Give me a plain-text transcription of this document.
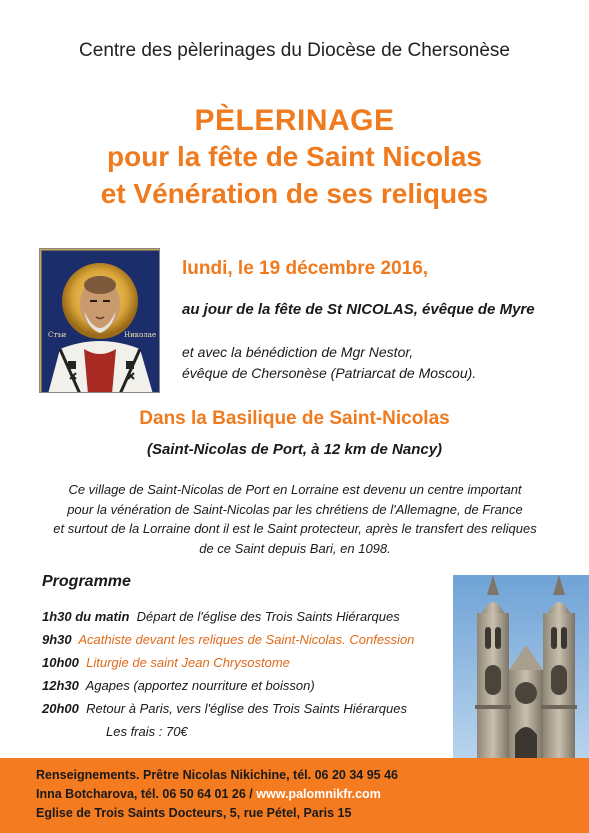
Centre des pèlerinages du Diocèse de Chersonèse
PÈLERINAGE
pour la fête de Saint Nicolas
et Vénération de ses reliques
Стъи	Николае
lundi, le 19 décembre 2016,
au jour de la fête de St NICOLAS, évêque de Myre
et avec la bénédiction de Mgr Nestor,
évêque de Chersonèse (Patriarcat de Moscou).
Dans la Basilique de Saint-Nicolas
(Saint-Nicolas de Port, à 12 km de Nancy)
Ce village de Saint-Nicolas de Port en Lorraine est devenu un centre important
pour la vénération de Saint-Nicolas par les chrétiens de l'Allemagne, de France
et surtout de la Lorraine dont il est le Saint protecteur, après le transfert des reliques
de ce Saint depuis Bari, en 1098.
Programme
1h30 du matin Départ de l'église des Trois Saints Hiérarques
9h30 Acathiste devant les reliques de Saint-Nicolas. Confession
10h00 Liturgie de saint Jean Chrysostome
12h30 Agapes (apportez nourriture et boisson)
20h00 Retour à Paris, vers l'église des Trois Saints Hiérarques
Les frais : 70€
Renseignements. Prêtre Nicolas Nikichine, tél. 06 20 34 95 46
Inna Botcharova, tél. 06 50 64 01 26 / www.palomnikfr.com
Eglise de Trois Saints Docteurs, 5, rue Pétel, Paris 15
